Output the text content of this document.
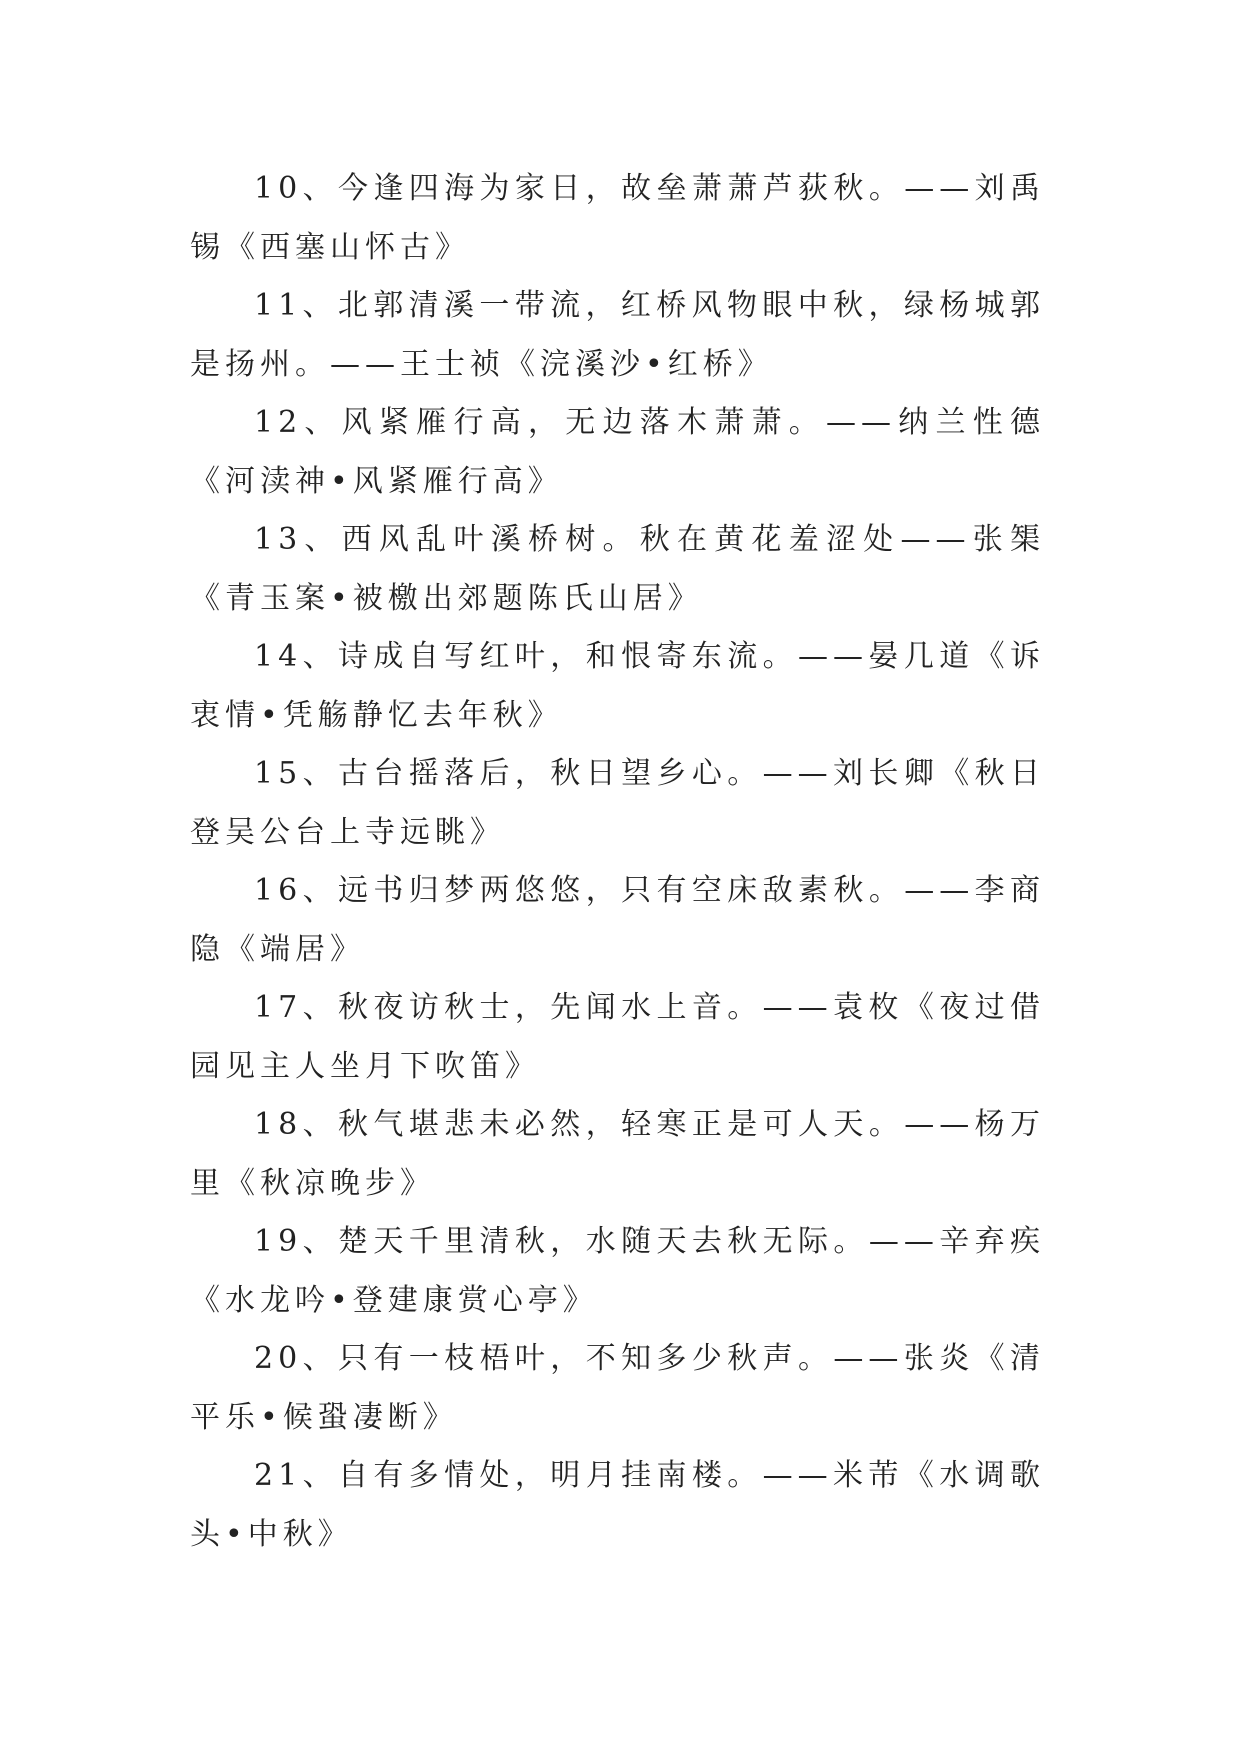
10、今逢四海为家日，故垒萧萧芦荻秋。——刘禹锡《西塞山怀古》

11、北郭清溪一带流，红桥风物眼中秋，绿杨城郭是扬州。——王士祯《浣溪沙•红桥》

12、风紧雁行高，无边落木萧萧。——纳兰性德《河渎神•风紧雁行高》

13、西风乱叶溪桥树。秋在黄花羞涩处——张榘《青玉案•被檄出郊题陈氏山居》

14、诗成自写红叶，和恨寄东流。——晏几道《诉衷情•凭觞静忆去年秋》

15、古台摇落后，秋日望乡心。——刘长卿《秋日登吴公台上寺远眺》

16、远书归梦两悠悠，只有空床敌素秋。——李商隐《端居》

17、秋夜访秋士，先闻水上音。——袁枚《夜过借园见主人坐月下吹笛》

18、秋气堪悲未必然，轻寒正是可人天。——杨万里《秋凉晚步》

19、楚天千里清秋，水随天去秋无际。——辛弃疾《水龙吟•登建康赏心亭》

20、只有一枝梧叶，不知多少秋声。——张炎《清平乐•候蛩凄断》

21、自有多情处，明月挂南楼。——米芾《水调歌头•中秋》
